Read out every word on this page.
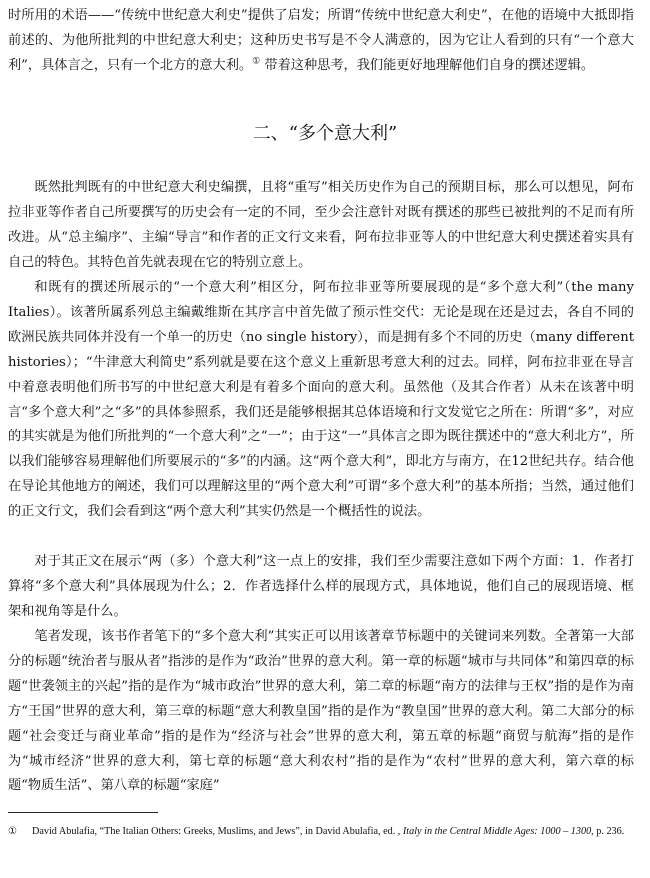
时所用的术语——“传统中世纪意大利史”提供了启发；所谓“传统中世纪意大利史”，在他的语境中大抵即指前述的、为他所批判的中世纪意大利史；这种历史书写是不令人满意的，因为它让人看到的只有“一个意大利”，具体言之，只有一个北方的意大利。① 带着这种思考，我们能更好地理解他们自身的撰述逻辑。

二、“多个意大利”

既然批判既有的中世纪意大利史编撰，且将“重写”相关历史作为自己的预期目标，那么可以想见，阿布拉非亚等作者自己所要撰写的历史会有一定的不同，至少会注意针对既有撰述的那些已被批判的不足而有所改进。从“总主编序”、主编“导言”和作者的正文行文来看，阿布拉非亚等人的中世纪意大利史撰述着实具有自己的特色。其特色首先就表现在它的特别立意上。

和既有的撰述所展示的“一个意大利”相区分，阿布拉非亚等所要展现的是“多个意大利”（the many Italies）。该著所属系列总主编戴维斯在其序言中首先做了预示性交代：无论是现在还是过去，各自不同的欧洲民族共同体并没有一个单一的历史（no single history），而是拥有多个不同的历史（many different histories）；“牛津意大利简史”系列就是要在这个意义上重新思考意大利的过去。同样，阿布拉非亚在导言中着意表明他们所书写的中世纪意大利是有着多个面向的意大利。虽然他（及其合作者）从未在该著中明言“多个意大利”之“多”的具体参照系，我们还是能够根据其总体语境和行文发觉它之所在：所谓“多”，对应的其实就是为他们所批判的“一个意大利”之“一”；由于这“一”具体言之即为既往撰述中的“意大利北方”，所以我们能够容易理解他们所要展示的“多”的内涵。这“两个意大利”，即北方与南方，在12世纪共存。结合他在导论其他地方的阐述，我们可以理解这里的“两个意大利”可谓“多个意大利”的基本所指；当然，通过他们的正文行文，我们会看到这“两个意大利”其实仍然是一个概括性的说法。

对于其正文在展示“两（多）个意大利”这一点上的安排，我们至少需要注意如下两个方面：1．作者打算将“多个意大利”具体展现为什么；2．作者选择什么样的展现方式，具体地说，他们自己的展现语境、框架和视角等是什么。

笔者发现，该书作者笔下的“多个意大利”其实正可以用该著章节标题中的关键词来列数。全著第一大部分的标题“统治者与服从者”指涉的是作为“政治”世界的意大利。第一章的标题“城市与共同体”和第四章的标题“世袭领主的兴起”指的是作为“城市政治”世界的意大利，第二章的标题“南方的法律与王权”指的是作为南方“王国”世界的意大利，第三章的标题“意大利教皇国”指的是作为“教皇国”世界的意大利。第二大部分的标题“社会变迁与商业革命”指的是作为“经济与社会”世界的意大利，第五章的标题“商贸与航海”指的是作为“城市经济”世界的意大利，第七章的标题“意大利农村”指的是作为“农村”世界的意大利，第六章的标题“物质生活”、第八章的标题“家庭”

① David Abulafia, “The Italian Others: Greeks, Muslims, and Jews”, in David Abulafia, ed. , Italy in the Central Middle Ages: 1000 – 1300, p. 236.
